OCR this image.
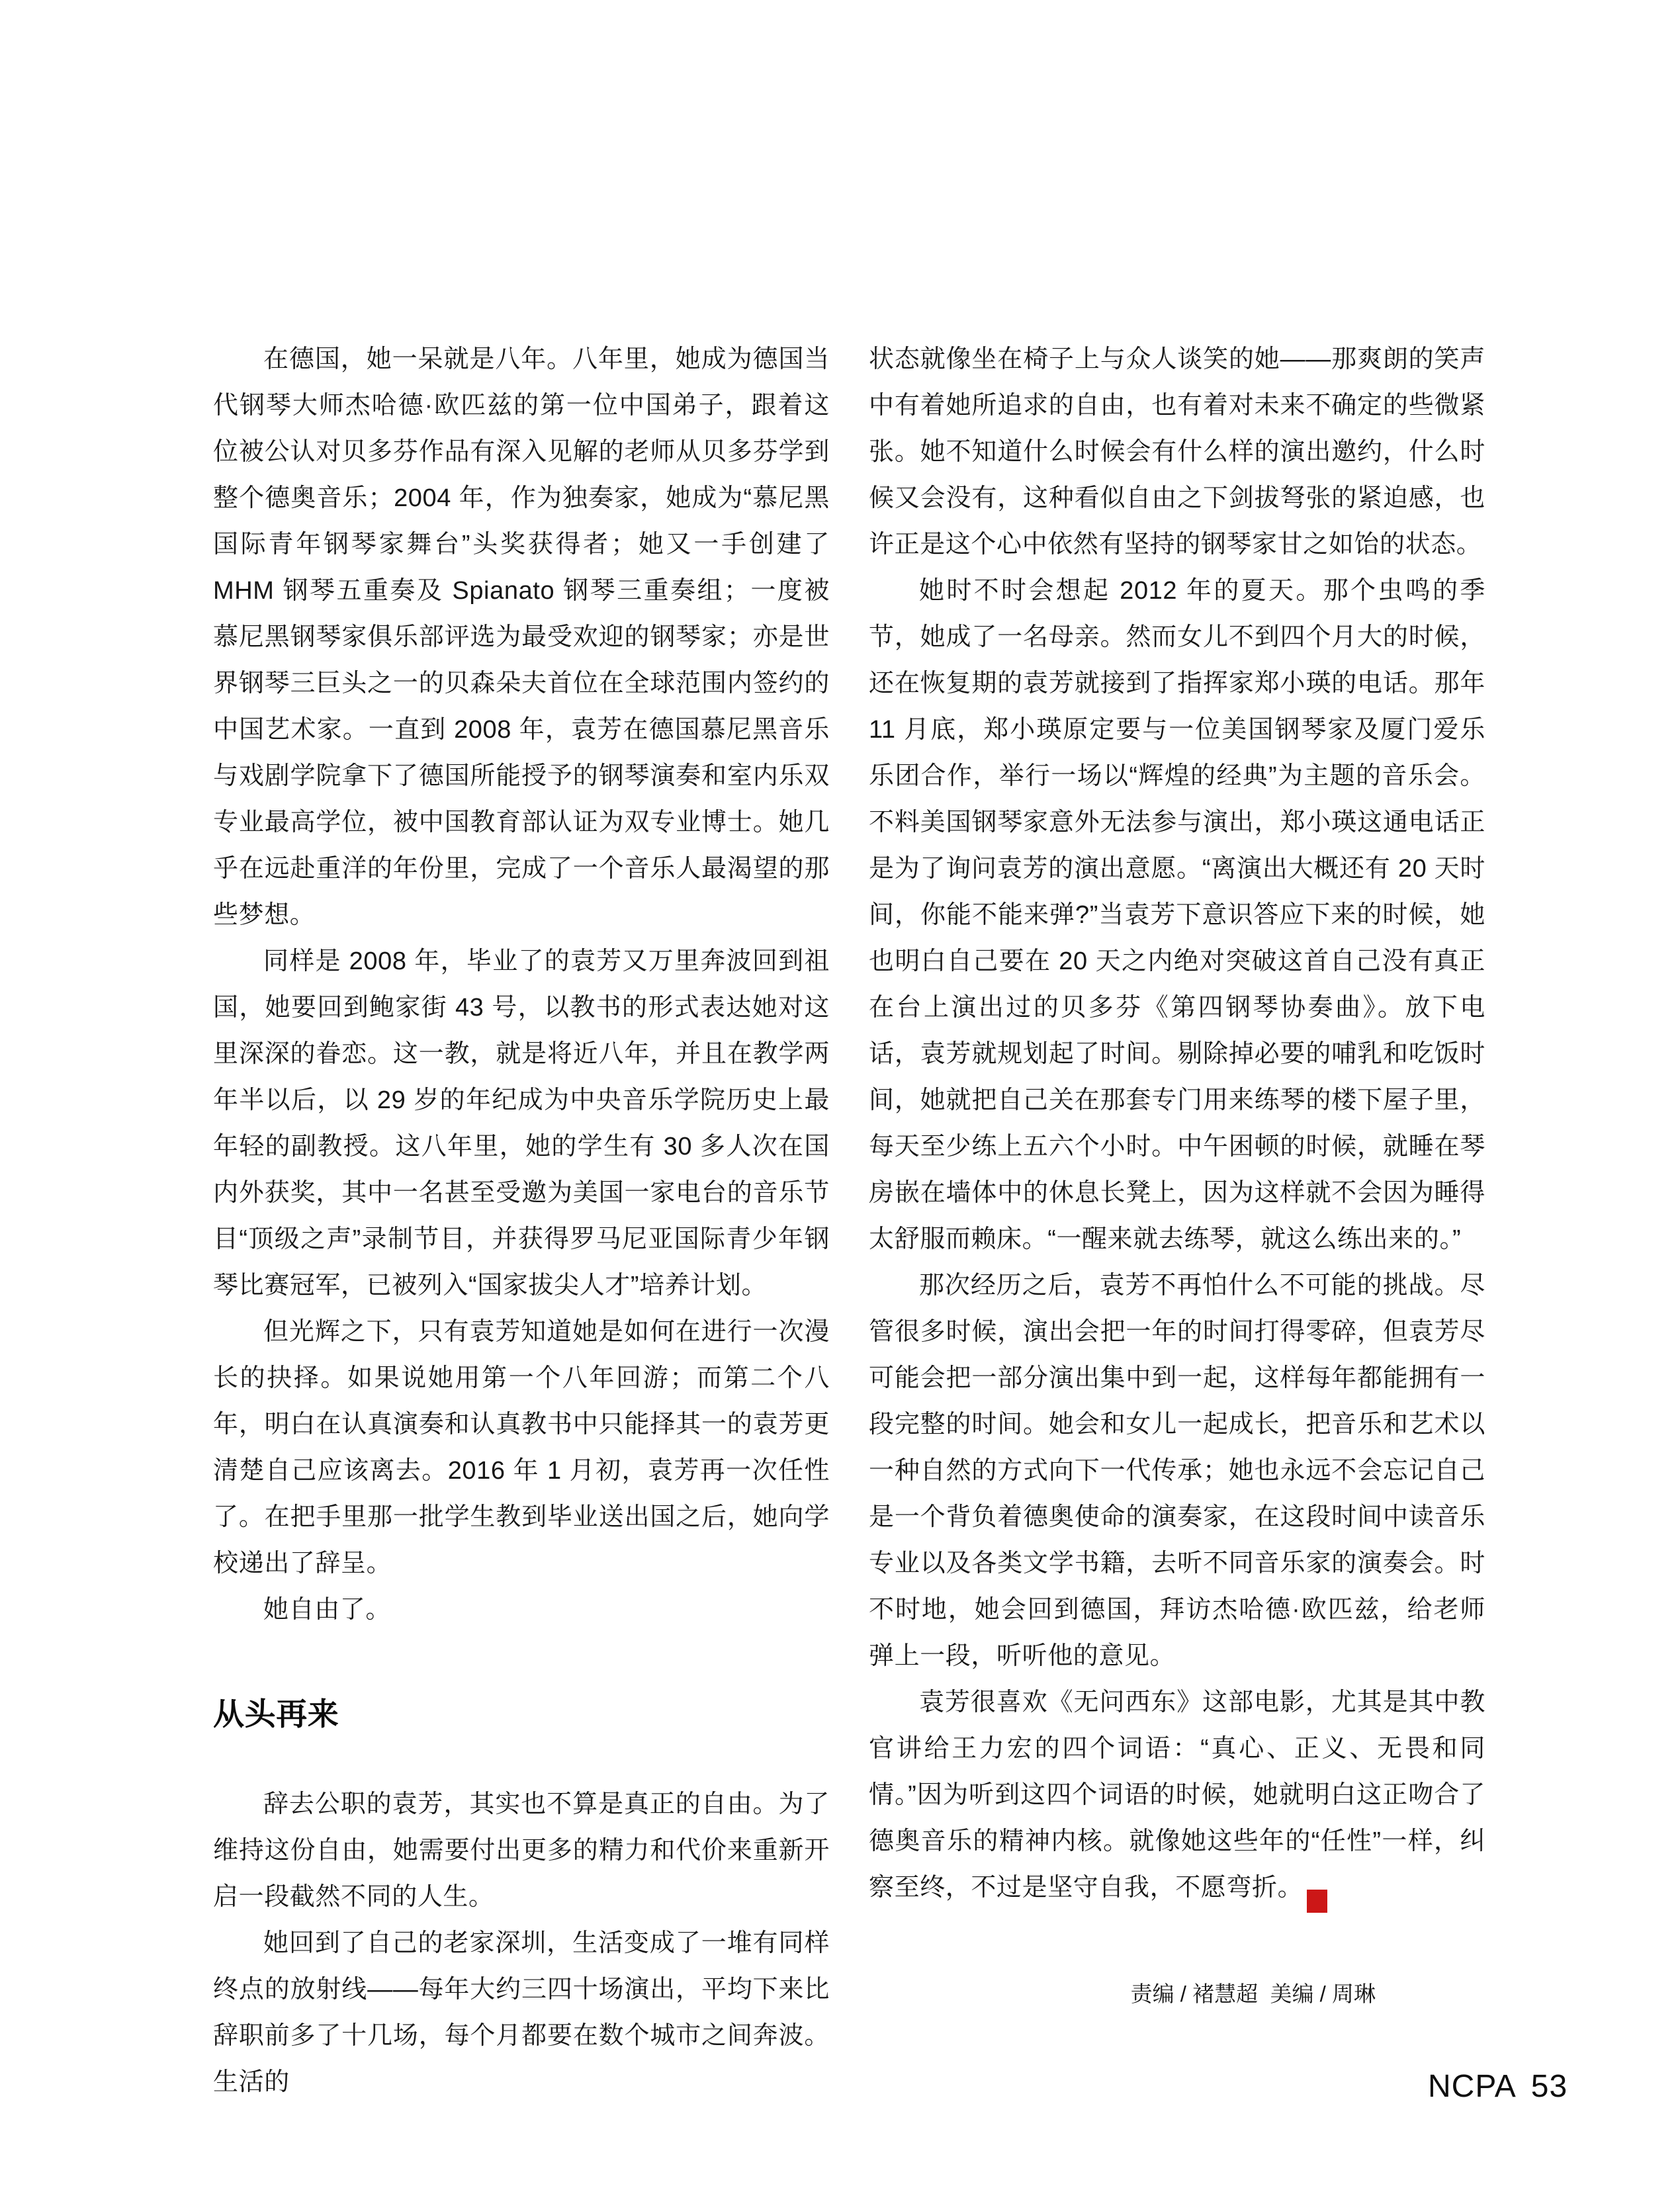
在德国，她一呆就是八年。八年里，她成为德国当代钢琴大师杰哈德·欧匹兹的第一位中国弟子，跟着这位被公认对贝多芬作品有深入见解的老师从贝多芬学到整个德奥音乐；2004 年，作为独奏家，她成为“慕尼黑国际青年钢琴家舞台”头奖获得者；她又一手创建了 MHM 钢琴五重奏及 Spianato 钢琴三重奏组；一度被慕尼黑钢琴家俱乐部评选为最受欢迎的钢琴家；亦是世界钢琴三巨头之一的贝森朵夫首位在全球范围内签约的中国艺术家。一直到 2008 年，袁芳在德国慕尼黑音乐与戏剧学院拿下了德国所能授予的钢琴演奏和室内乐双专业最高学位，被中国教育部认证为双专业博士。她几乎在远赴重洋的年份里，完成了一个音乐人最渴望的那些梦想。

同样是 2008 年，毕业了的袁芳又万里奔波回到祖国，她要回到鲍家街 43 号，以教书的形式表达她对这里深深的眷恋。这一教，就是将近八年，并且在教学两年半以后，以 29 岁的年纪成为中央音乐学院历史上最年轻的副教授。这八年里，她的学生有 30 多人次在国内外获奖，其中一名甚至受邀为美国一家电台的音乐节目“顶级之声”录制节目，并获得罗马尼亚国际青少年钢琴比赛冠军，已被列入“国家拔尖人才”培养计划。

但光辉之下，只有袁芳知道她是如何在进行一次漫长的抉择。如果说她用第一个八年回游；而第二个八年，明白在认真演奏和认真教书中只能择其一的袁芳更清楚自己应该离去。2016 年 1 月初，袁芳再一次任性了。在把手里那一批学生教到毕业送出国之后，她向学校递出了辞呈。

她自由了。

从头再来

辞去公职的袁芳，其实也不算是真正的自由。为了维持这份自由，她需要付出更多的精力和代价来重新开启一段截然不同的人生。

她回到了自己的老家深圳，生活变成了一堆有同样终点的放射线——每年大约三四十场演出，平均下来比辞职前多了十几场，每个月都要在数个城市之间奔波。生活的

状态就像坐在椅子上与众人谈笑的她——那爽朗的笑声中有着她所追求的自由，也有着对未来不确定的些微紧张。她不知道什么时候会有什么样的演出邀约，什么时候又会没有，这种看似自由之下剑拔弩张的紧迫感，也许正是这个心中依然有坚持的钢琴家甘之如饴的状态。

她时不时会想起 2012 年的夏天。那个虫鸣的季节，她成了一名母亲。然而女儿不到四个月大的时候，还在恢复期的袁芳就接到了指挥家郑小瑛的电话。那年 11 月底，郑小瑛原定要与一位美国钢琴家及厦门爱乐乐团合作，举行一场以“辉煌的经典”为主题的音乐会。不料美国钢琴家意外无法参与演出，郑小瑛这通电话正是为了询问袁芳的演出意愿。“离演出大概还有 20 天时间，你能不能来弹?”当袁芳下意识答应下来的时候，她也明白自己要在 20 天之内绝对突破这首自己没有真正在台上演出过的贝多芬《第四钢琴协奏曲》。放下电话，袁芳就规划起了时间。剔除掉必要的哺乳和吃饭时间，她就把自己关在那套专门用来练琴的楼下屋子里，每天至少练上五六个小时。中午困顿的时候，就睡在琴房嵌在墙体中的休息长凳上，因为这样就不会因为睡得太舒服而赖床。“一醒来就去练琴，就这么练出来的。”

那次经历之后，袁芳不再怕什么不可能的挑战。尽管很多时候，演出会把一年的时间打得零碎，但袁芳尽可能会把一部分演出集中到一起，这样每年都能拥有一段完整的时间。她会和女儿一起成长，把音乐和艺术以一种自然的方式向下一代传承；她也永远不会忘记自己是一个背负着德奥使命的演奏家，在这段时间中读音乐专业以及各类文学书籍，去听不同音乐家的演奏会。时不时地，她会回到德国，拜访杰哈德·欧匹兹，给老师弹上一段，听听他的意见。

袁芳很喜欢《无问西东》这部电影，尤其是其中教官讲给王力宏的四个词语：“真心、正义、无畏和同情。”因为听到这四个词语的时候，她就明白这正吻合了德奥音乐的精神内核。就像她这些年的“任性”一样，纠察至终，不过是坚守自我，不愿弯折。	NC
PA

责编 / 褚慧超  美编 / 周琳
NCPA 53
